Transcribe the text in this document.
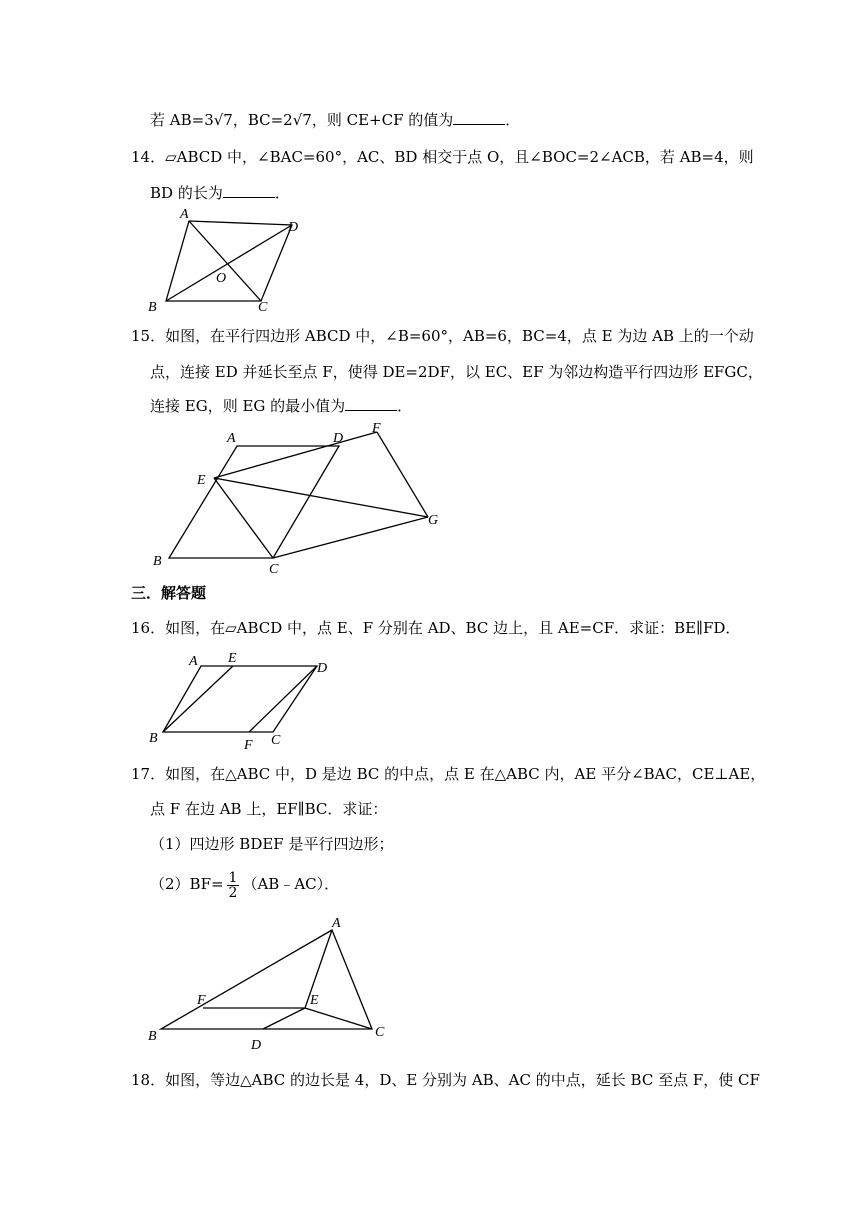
若 AB=3√7，BC=2√7，则 CE+CF 的值为	．
14．▱ABCD 中，∠BAC=60°，AC、BD 相交于点 O，且∠BOC=2∠ACB，若 AB=4，则
BD 的长为	．
A
D
B	C
O
15．如图，在平行四边形 ABCD 中，∠B=60°，AB=6，BC=4，点 E 为边 AB 上的一个动
点，连接 ED 并延长至点 F，使得 DE=2DF，以 EC、EF 为邻边构造平行四边形 EFGC，
连接 EG，则 EG 的最小值为	．
A	D
F
E
G
B
C
三．解答题
16．如图，在▱ABCD 中，点 E、F 分别在 AD、BC 边上，且 AE=CF．求证：BE∥FD．
A E
D
B	F C
17．如图，在△ABC 中，D 是边 BC 的中点，点 E 在△ABC 内，AE 平分∠BAC，CE⊥AE，
点 F 在边 AB 上，EF∥BC．求证：
（1）四边形 BDEF 是平行四边形；
$(2)BF= \frac{1}{2}$ （AB﹣AC）．
A
F	E
B
D
C
18．如图，等边△ABC 的边长是 4，D、E 分别为 AB、AC 的中点，延长 BC 至点 F，使 CF
